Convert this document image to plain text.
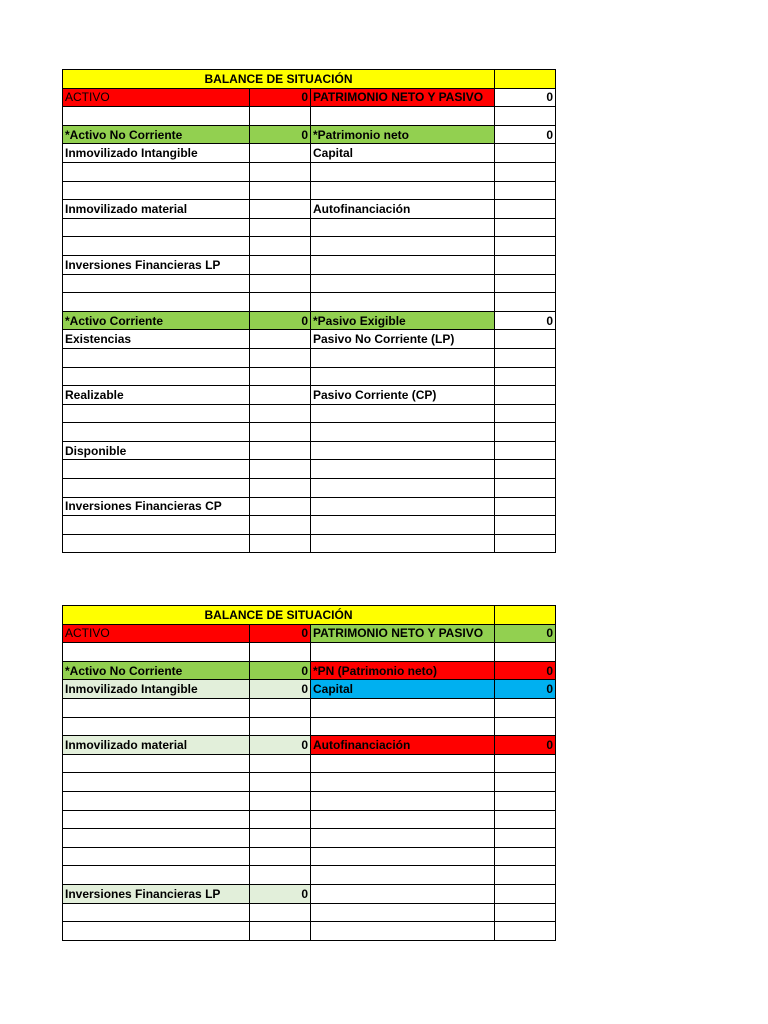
BALANCE DE SITUACIÓN			
ACTIVO	0	PATRIMONIO NETO Y PASIVO	0

*Activo No Corriente	0	*Patrimonio neto	0
Inmovilizado Intangible		Capital	

Inmovilizado material		Autofinanciación	

Inversiones Financieras LP			

*Activo Corriente	0	*Pasivo Exigible	0
Existencias		Pasivo No Corriente (LP)	

Realizable		Pasivo Corriente (CP)	

Disponible			

Inversiones Financieras CP			

BALANCE DE SITUACIÓN			
ACTIVO	0	PATRIMONIO NETO Y PASIVO	0

*Activo No Corriente	0	*PN (Patrimonio neto)	0
Inmovilizado Intangible	0	Capital	0

Inmovilizado material	0	Autofinanciación	0

Inversiones Financieras LP	0		
